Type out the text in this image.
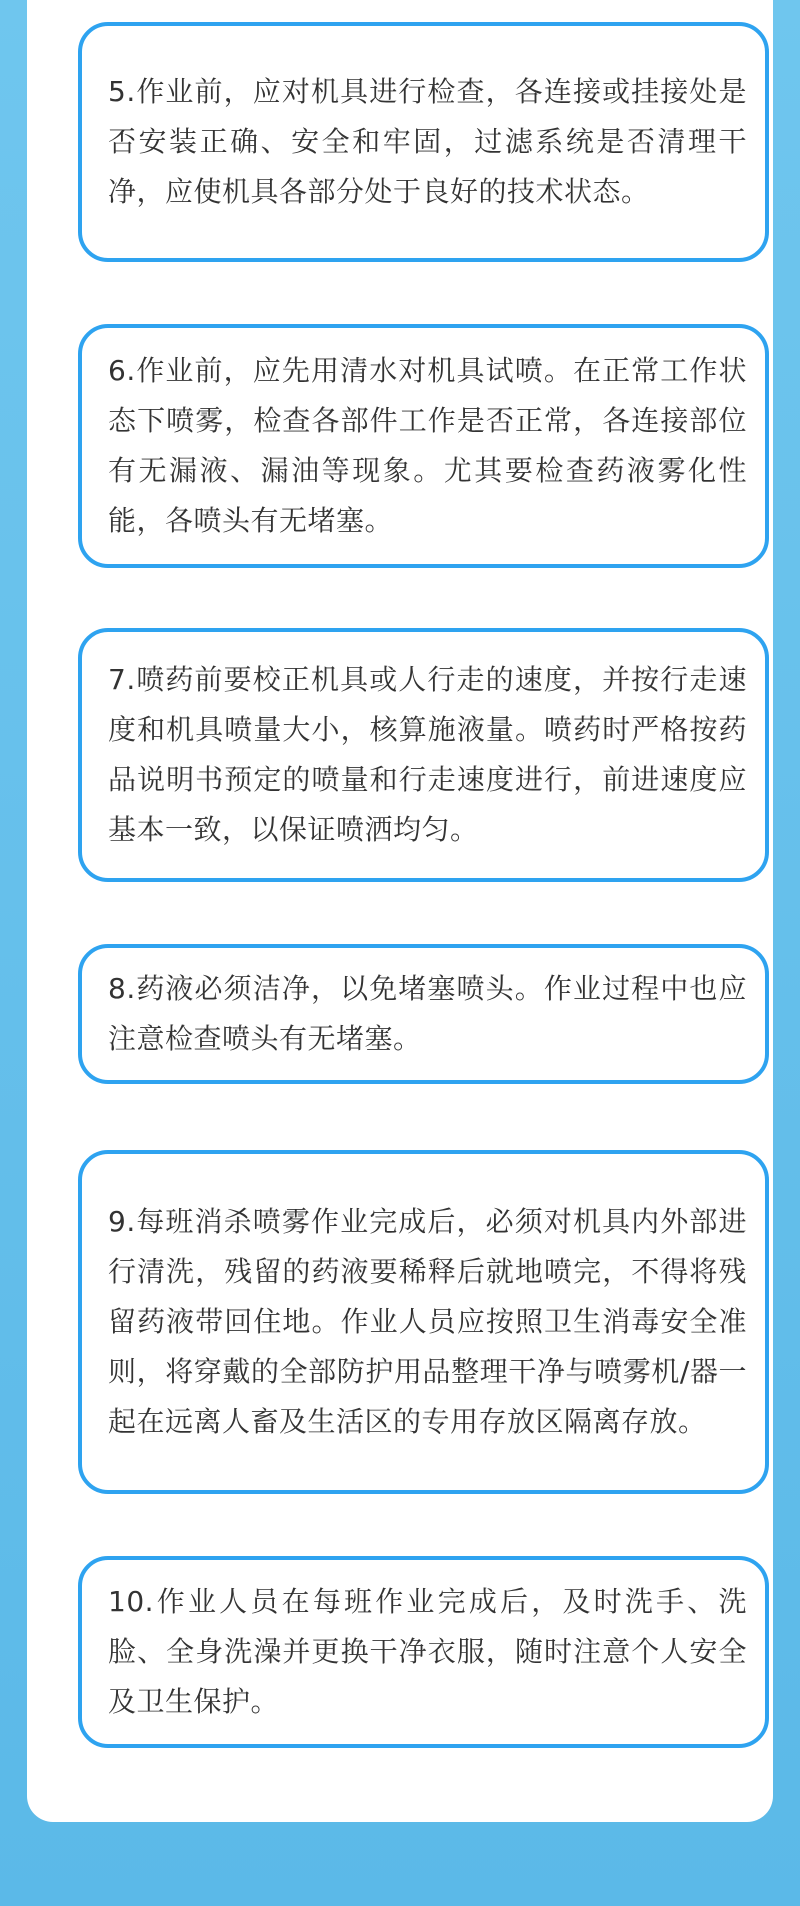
5.作业前，应对机具进行检查，各连接或挂接处是否安装正确、安全和牢固，过滤系统是否清理干净，应使机具各部分处于良好的技术状态。

6.作业前，应先用清水对机具试喷。在正常工作状态下喷雾，检查各部件工作是否正常，各连接部位有无漏液、漏油等现象。尤其要检查药液雾化性能，各喷头有无堵塞。

7.喷药前要校正机具或人行走的速度，并按行走速度和机具喷量大小，核算施液量。喷药时严格按药品说明书预定的喷量和行走速度进行，前进速度应基本一致，以保证喷洒均匀。

8.药液必须洁净，以免堵塞喷头。作业过程中也应注意检查喷头有无堵塞。

9.每班消杀喷雾作业完成后，必须对机具内外部进行清洗，残留的药液要稀释后就地喷完，不得将残留药液带回住地。作业人员应按照卫生消毒安全准则，将穿戴的全部防护用品整理干净与喷雾机/器一起在远离人畜及生活区的专用存放区隔离存放。

10.作业人员在每班作业完成后，及时洗手、洗脸、全身洗澡并更换干净衣服，随时注意个人安全及卫生保护。
